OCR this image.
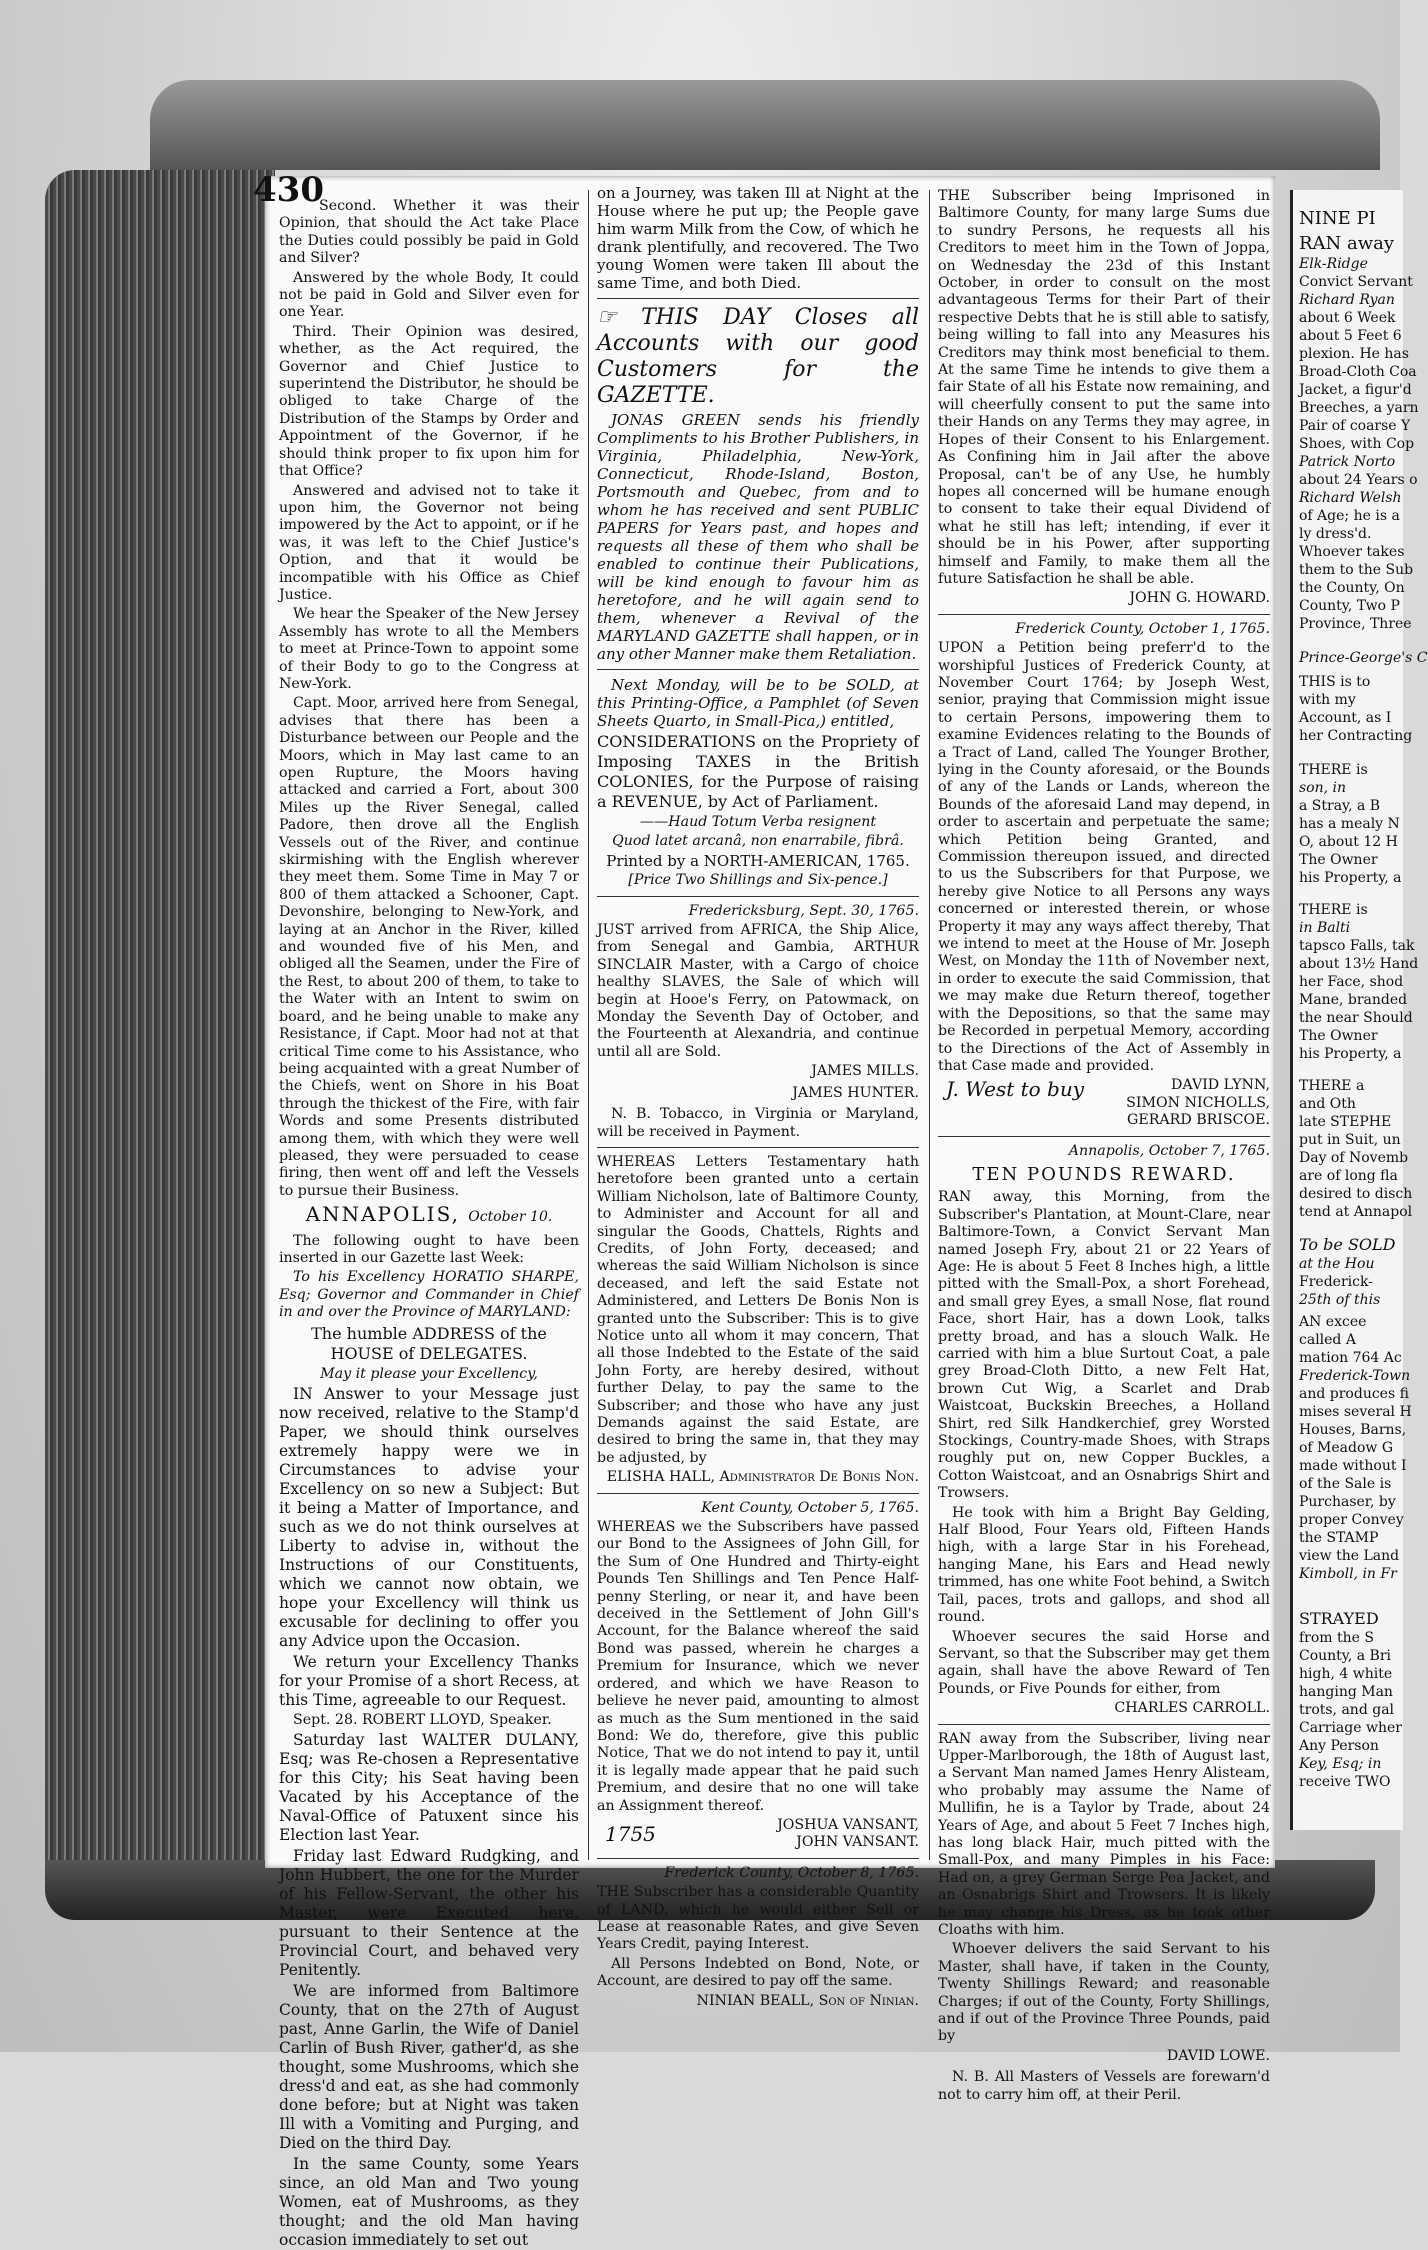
430

Second. Whether it was their Opinion, that should the Act take Place the Duties could possibly be paid in Gold and Silver?

Answered by the whole Body, It could not be paid in Gold and Silver even for one Year.

Third. Their Opinion was desired, whether, as the Act required, the Governor and Chief Justice to superintend the Distributor, he should be obliged to take Charge of the Distribution of the Stamps by Order and Appointment of the Governor, if he should think proper to fix upon him for that Office?

Answered and advised not to take it upon him, the Governor not being impowered by the Act to appoint, or if he was, it was left to the Chief Justice's Option, and that it would be incompatible with his Office as Chief Justice.

We hear the Speaker of the New Jersey Assembly has wrote to all the Members to meet at Prince-Town to appoint some of their Body to go to the Congress at New-York.

Capt. Moor, arrived here from Senegal, advises that there has been a Disturbance between our People and the Moors, which in May last came to an open Rupture, the Moors having attacked and carried a Fort, about 300 Miles up the River Senegal, called Padore, then drove all the English Vessels out of the River, and continue skirmishing with the English wherever they meet them. Some Time in May 7 or 800 of them attacked a Schooner, Capt. Devonshire, belonging to New-York, and laying at an Anchor in the River, killed and wounded five of his Men, and obliged all the Seamen, under the Fire of the Rest, to about 200 of them, to take to the Water with an Intent to swim on board, and he being unable to make any Resistance, if Capt. Moor had not at that critical Time come to his Assistance, who being acquainted with a great Number of the Chiefs, went on Shore in his Boat through the thickest of the Fire, with fair Words and some Presents distributed among them, with which they were well pleased, they were persuaded to cease firing, then went off and left the Vessels to pursue their Business.

ANNAPOLIS, October 10.

The following ought to have been inserted in our Gazette last Week:

To his Excellency HORATIO SHARPE, Esq; Governor and Commander in Chief in and over the Province of MARYLAND:

The humble ADDRESS of the HOUSE of DELEGATES.

May it please your Excellency,

IN Answer to your Message just now received, relative to the Stamp'd Paper, we should think ourselves extremely happy were we in Circumstances to advise your Excellency on so new a Subject: But it being a Matter of Importance, and such as we do not think ourselves at Liberty to advise in, without the Instructions of our Constituents, which we cannot now obtain, we hope your Excellency will think us excusable for declining to offer you any Advice upon the Occasion.

We return your Excellency Thanks for your Promise of a short Recess, at this Time, agreeable to our Request.

Sept. 28. ROBERT LLOYD, Speaker.

Saturday last WALTER DULANY, Esq; was Re-chosen a Representative for this City; his Seat having been Vacated by his Acceptance of the Naval-Office of Patuxent since his Election last Year.

Friday last Edward Rudgking, and John Hubbert, the one for the Murder of his Fellow-Servant, the other his Master, were Executed here, pursuant to their Sentence at the Provincial Court, and behaved very Penitently.

We are informed from Baltimore County, that on the 27th of August past, Anne Garlin, the Wife of Daniel Carlin of Bush River, gather'd, as she thought, some Mushrooms, which she dress'd and eat, as she had commonly done before; but at Night was taken Ill with a Vomiting and Purging, and Died on the third Day.

In the same County, some Years since, an old Man and Two young Women, eat of Mushrooms, as they thought; and the old Man having occasion immediately to set out

on a Journey, was taken Ill at Night at the House where he put up; the People gave him warm Milk from the Cow, of which he drank plentifully, and recovered. The Two young Women were taken Ill about the same Time, and both Died.

☞ THIS DAY Closes all Accounts with our good Customers for the GAZETTE.

JONAS GREEN sends his friendly Compliments to his Brother Publishers, in Virginia, Philadelphia, New-York, Connecticut, Rhode-Island, Boston, Portsmouth and Quebec, from and to whom he has received and sent PUBLIC PAPERS for Years past, and hopes and requests all these of them who shall be enabled to continue their Publications, will be kind enough to favour him as heretofore, and he will again send to them, whenever a Revival of the MARYLAND GAZETTE shall happen, or in any other Manner make them Retaliation.

Next Monday, will be to be SOLD, at this Printing-Office, a Pamphlet (of Seven Sheets Quarto, in Small-Pica,) entitled,

CONSIDERATIONS on the Propriety of Imposing TAXES in the British COLONIES, for the Purpose of raising a REVENUE, by Act of Parliament.

——Haud Totum Verba resignent

Quod latet arcanâ, non enarrabile, fibrâ.

Printed by a NORTH-AMERICAN, 1765.

[Price Two Shillings and Six-pence.]

Fredericksburg, Sept. 30, 1765.

JUST arrived from AFRICA, the Ship Alice, from Senegal and Gambia, ARTHUR SINCLAIR Master, with a Cargo of choice healthy SLAVES, the Sale of which will begin at Hooe's Ferry, on Patowmack, on Monday the Seventh Day of October, and the Fourteenth at Alexandria, and continue until all are Sold.

JAMES MILLS.
JAMES HUNTER.

N. B. Tobacco, in Virginia or Maryland, will be received in Payment.

WHEREAS Letters Testamentary hath heretofore been granted unto a certain William Nicholson, late of Baltimore County, to Administer and Account for all and singular the Goods, Chattels, Rights and Credits, of John Forty, deceased; and whereas the said William Nicholson is since deceased, and left the said Estate not Administered, and Letters De Bonis Non is granted unto the Subscriber: This is to give Notice unto all whom it may concern, That all those Indebted to the Estate of the said John Forty, are hereby desired, without further Delay, to pay the same to the Subscriber; and those who have any just Demands against the said Estate, are desired to bring the same in, that they may be adjusted, by

ELISHA HALL, Administrator De Bonis Non.
Kent County, October 5, 1765.

WHEREAS we the Subscribers have passed our Bond to the Assignees of John Gill, for the Sum of One Hundred and Thirty-eight Pounds Ten Shillings and Ten Pence Half-penny Sterling, or near it, and have been deceived in the Settlement of John Gill's Account, for the Balance whereof the said Bond was passed, wherein he charges a Premium for Insurance, which we never ordered, and which we have Reason to believe he never paid, amounting to almost as much as the Sum mentioned in the said Bond: We do, therefore, give this public Notice, That we do not intend to pay it, until it is legally made appear that he paid such Premium, and desire that no one will take an Assignment thereof.

1755	JOSHUA VANSANT,
JOHN VANSANT.
Frederick County, October 8, 1765.

THE Subscriber has a considerable Quantity of LAND, which he would either Sell or Lease at reasonable Rates, and give Seven Years Credit, paying Interest.

All Persons Indebted on Bond, Note, or Account, are desired to pay off the same.

NINIAN BEALL, Son of Ninian.

THE Subscriber being Imprisoned in Baltimore County, for many large Sums due to sundry Persons, he requests all his Creditors to meet him in the Town of Joppa, on Wednesday the 23d of this Instant October, in order to consult on the most advantageous Terms for their Part of their respective Debts that he is still able to satisfy, being willing to fall into any Measures his Creditors may think most beneficial to them. At the same Time he intends to give them a fair State of all his Estate now remaining, and will cheerfully consent to put the same into their Hands on any Terms they may agree, in Hopes of their Consent to his Enlargement. As Confining him in Jail after the above Proposal, can't be of any Use, he humbly hopes all concerned will be humane enough to consent to take their equal Dividend of what he still has left; intending, if ever it should be in his Power, after supporting himself and Family, to make them all the future Satisfaction he shall be able.

JOHN G. HOWARD.
Frederick County, October 1, 1765.

UPON a Petition being preferr'd to the worshipful Justices of Frederick County, at November Court 1764; by Joseph West, senior, praying that Commission might issue to certain Persons, impowering them to examine Evidences relating to the Bounds of a Tract of Land, called The Younger Brother, lying in the County aforesaid, or the Bounds of any of the Lands or Lands, whereon the Bounds of the aforesaid Land may depend, in order to ascertain and perpetuate the same; which Petition being Granted, and Commission thereupon issued, and directed to us the Subscribers for that Purpose, we hereby give Notice to all Persons any ways concerned or interested therein, or whose Property it may any ways affect thereby, That we intend to meet at the House of Mr. Joseph West, on Monday the 11th of November next, in order to execute the said Commission, that we may make due Return thereof, together with the Depositions, so that the same may be Recorded in perpetual Memory, according to the Directions of the Act of Assembly in that Case made and provided.

J. West to buy	DAVID LYNN,
SIMON NICHOLLS,
GERARD BRISCOE.
Annapolis, October 7, 1765.
TEN POUNDS REWARD.

RAN away, this Morning, from the Subscriber's Plantation, at Mount-Clare, near Baltimore-Town, a Convict Servant Man named Joseph Fry, about 21 or 22 Years of Age: He is about 5 Feet 8 Inches high, a little pitted with the Small-Pox, a short Forehead, and small grey Eyes, a small Nose, flat round Face, short Hair, has a down Look, talks pretty broad, and has a slouch Walk. He carried with him a blue Surtout Coat, a pale grey Broad-Cloth Ditto, a new Felt Hat, brown Cut Wig, a Scarlet and Drab Waistcoat, Buckskin Breeches, a Holland Shirt, red Silk Handkerchief, grey Worsted Stockings, Country-made Shoes, with Straps roughly put on, new Copper Buckles, a Cotton Waistcoat, and an Osnabrigs Shirt and Trowsers.

He took with him a Bright Bay Gelding, Half Blood, Four Years old, Fifteen Hands high, with a large Star in his Forehead, hanging Mane, his Ears and Head newly trimmed, has one white Foot behind, a Switch Tail, paces, trots and gallops, and shod all round.

Whoever secures the said Horse and Servant, so that the Subscriber may get them again, shall have the above Reward of Ten Pounds, or Five Pounds for either, from

CHARLES CARROLL.

RAN away from the Subscriber, living near Upper-Marlborough, the 18th of August last, a Servant Man named James Henry Alisteam, who probably may assume the Name of Mullifin, he is a Taylor by Trade, about 24 Years of Age, and about 5 Feet 7 Inches high, has long black Hair, much pitted with the Small-Pox, and many Pimples in his Face: Had on, a grey German Serge Pea Jacket, and an Osnabrigs Shirt and Trowsers. It is likely he may change his Dress, as he took other Cloaths with him.

Whoever delivers the said Servant to his Master, shall have, if taken in the County, Twenty Shillings Reward; and reasonable Charges; if out of the County, Forty Shillings, and if out of the Province Three Pounds, paid by

DAVID LOWE.

N. B. All Masters of Vessels are forewarn'd not to carry him off, at their Peril.

NINE PI
RAN away
Elk-Ridge
Convict Servant
Richard Ryan
about 6 Week
about 5 Feet 6
plexion. He has
Broad-Cloth Coa
Jacket, a figur'd
Breeches, a yarn
Pair of coarse Y
Shoes, with Cop
Patrick Norto
about 24 Years o
Richard Welsh
of Age; he is a
ly dress'd.
Whoever takes
them to the Sub
the County, On
County, Two P
Province, Three
Prince-George's C
THIS is to
with my
Account, as I
her Contracting
THERE is
son, in
a Stray, a B
has a mealy N
O, about 12 H
The Owner
his Property, a
THERE is
in Balti
tapsco Falls, tak
about 13½ Hand
her Face, shod
Mane, branded
the near Should
The Owner
his Property, a
THERE a
and Oth
late STEPHE
put in Suit, un
Day of Novemb
are of long fla
desired to disch
tend at Annapol
To be SOLD
at the Hou
Frederick-
25th of this
AN excee
called A
mation 764 Ac
Frederick-Town
and produces fi
mises several H
Houses, Barns,
of Meadow G
made without I
of the Sale is
Purchaser, by
proper Convey
the STAMP
view the Land
Kimboll, in Fr
STRAYED
from the S
County, a Bri
high, 4 white
hanging Man
trots, and gal
Carriage wher
Any Person
Key, Esq; in
receive TWO
